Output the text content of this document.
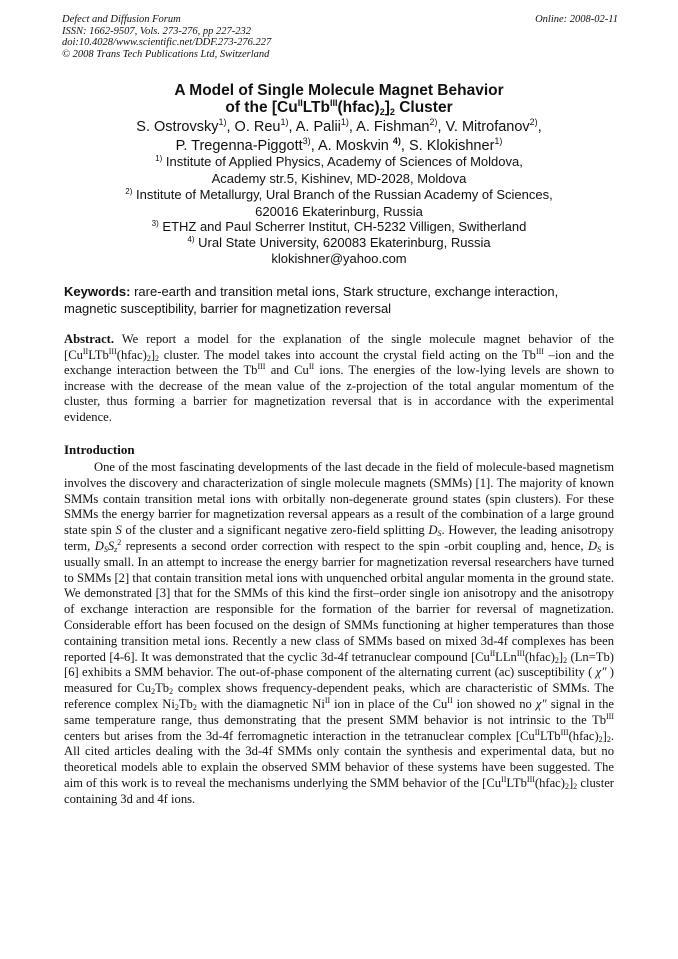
Defect and Diffusion Forum
ISSN: 1662-9507, Vols. 273-276, pp 227-232
doi:10.4028/www.scientific.net/DDF.273-276.227
© 2008 Trans Tech Publications Ltd, Switzerland
Online: 2008-02-11
A Model of Single Molecule Magnet Behavior
of the $[Cu^{II}LTb^{III}(hfac)_2]_2$ Cluster
S. Ostrovsky$^{1)}$, O. Reu$^{1)}$, A. Palii$^{1)}$, A. Fishman$^{2)}$, V. Mitrofanov$^{2)}$,
P. Tregenna-Piggott$^{3)}$, A. Moskvin $^{4)}$, S. Klokishner$^{1)}$
$^{1)}$ Institute of Applied Physics, Academy of Sciences of Moldova,
Academy str.5, Kishinev, MD-2028, Moldova
$^{2)}$ Institute of Metallurgy, Ural Branch of the Russian Academy of Sciences,
620016 Ekaterinburg, Russia
$^{3)}$ ETHZ and Paul Scherrer Institut, CH-5232 Villigen, Switherland
$^{4)}$ Ural State University, 620083 Ekaterinburg, Russia
klokishner@yahoo.com
Keywords: rare-earth and transition metal ions, Stark structure, exchange interaction,
magnetic susceptibility, barrier for magnetization reversal
Abstract. We report a model for the explanation of the single molecule magnet behavior of the $[Cu^{II}LTb^{III}(hfac)_2]_2$ cluster. The model takes into account the crystal field acting on the $Tb^{III}$ –ion and the exchange interaction between the $Tb^{III}$ and $Cu^{II}$ ions. The energies of the low-lying levels are shown to increase with the decrease of the mean value of the z-projection of the total angular momentum of the cluster, thus forming a barrier for magnetization reversal that is in accordance with the experimental evidence.
Introduction
One of the most fascinating developments of the last decade in the field of molecule-based magnetism involves the discovery and characterization of single molecule magnets (SMMs) [1]. The majority of known SMMs contain transition metal ions with orbitally non-degenerate ground states (spin clusters). For these SMMs the energy barrier for magnetization reversal appears as a result of the combination of a large ground state spin S of the cluster and a significant negative zero-field splitting $D_S$. However, the leading anisotropy term, $D_SS_z^2$ represents a second order correction with respect to the spin -orbit coupling and, hence, $D_S$ is usually small. In an attempt to increase the energy barrier for magnetization reversal researchers have turned to SMMs [2] that contain transition metal ions with unquenched orbital angular momenta in the ground state. We demonstrated [3] that for the SMMs of this kind the first–order single ion anisotropy and the anisotropy of exchange interaction are responsible for the formation of the barrier for reversal of magnetization. Considerable effort has been focused on the design of SMMs functioning at higher temperatures than those containing transition metal ions. Recently a new class of SMMs based on mixed 3d-4f complexes has been reported [4-6]. It was demonstrated that the cyclic 3d-4f tetranuclear compound $[Cu^{II}LLn^{III}(hfac)_2]_2$ (Ln=Tb)[6] exhibits a SMM behavior. The out-of-phase component of the alternating current (ac) susceptibility ( χ″ ) measured for $Cu_2Tb_2$ complex shows frequency-dependent peaks, which are characteristic of SMMs. The reference complex $Ni_2Tb_2$ with the diamagnetic $Ni^{II}$ ion in place of the $Cu^{II}$ ion showed no χ″ signal in the same temperature range, thus demonstrating that the present SMM behavior is not intrinsic to the $Tb^{III}$ centers but arises from the 3d-4f ferromagnetic interaction in the tetranuclear complex $[Cu^{II}LTb^{III}(hfac)_2]_2$. All cited articles dealing with the 3d-4f SMMs only contain the synthesis and experimental data, but no theoretical models able to explain the observed SMM behavior of these systems have been suggested. The aim of this work is to reveal the mechanisms underlying the SMM behavior of the $[Cu^{II}LTb^{III}(hfac)_2]_2$ cluster containing 3d and 4f ions.
